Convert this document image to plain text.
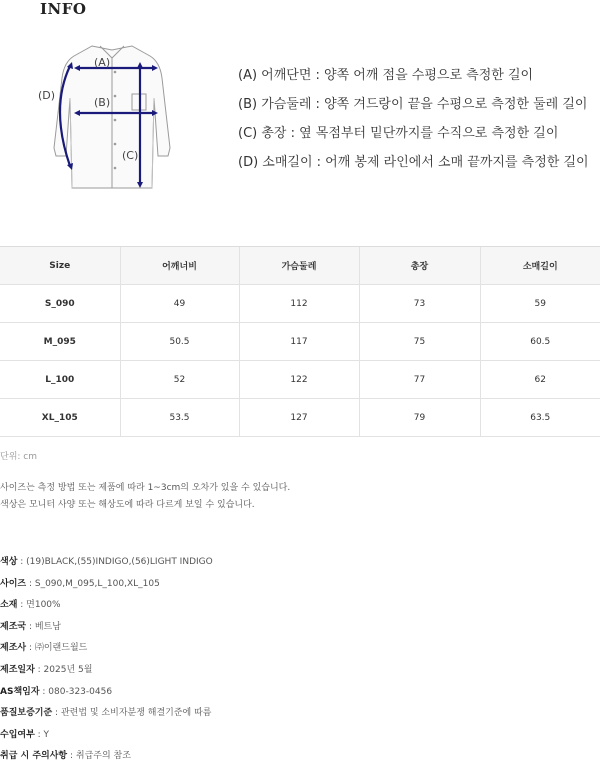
INFO
(A)
(B)
(C)
(D)
(A) 어깨단면 : 양쪽 어깨 점을 수평으로 측정한 길이
(B) 가슴둘레 : 양쪽 겨드랑이 끝을 수평으로 측정한 둘레 길이
(C) 총장 : 옆 목점부터 밑단까지를 수직으로 측정한 길이
(D) 소매길이 : 어깨 봉제 라인에서 소매 끝까지를 측정한 길이
Size	어깨너비	가슴둘레	총장	소매길이
S_090	49	112	73	59
M_095	50.5	117	75	60.5
L_100	52	122	77	62
XL_105	53.5	127	79	63.5

단위: cm

사이즈는 측정 방법 또는 제품에 따라 1~3cm의 오차가 있을 수 있습니다.

색상은 모니터 사양 또는 해상도에 따라 다르게 보일 수 있습니다.

색상 : (19)BLACK,(55)INDIGO,(56)LIGHT INDIGO
사이즈 : S_090,M_095,L_100,XL_105
소재 : 면100%
제조국 : 베트남
제조사 : ㈜이랜드월드
제조일자 : 2025년 5월
AS책임자 : 080-323-0456
품질보증기준 : 관련법 및 소비자분쟁 해결기준에 따름
수입여부 : Y
취급 시 주의사항 : 취급주의 참조
